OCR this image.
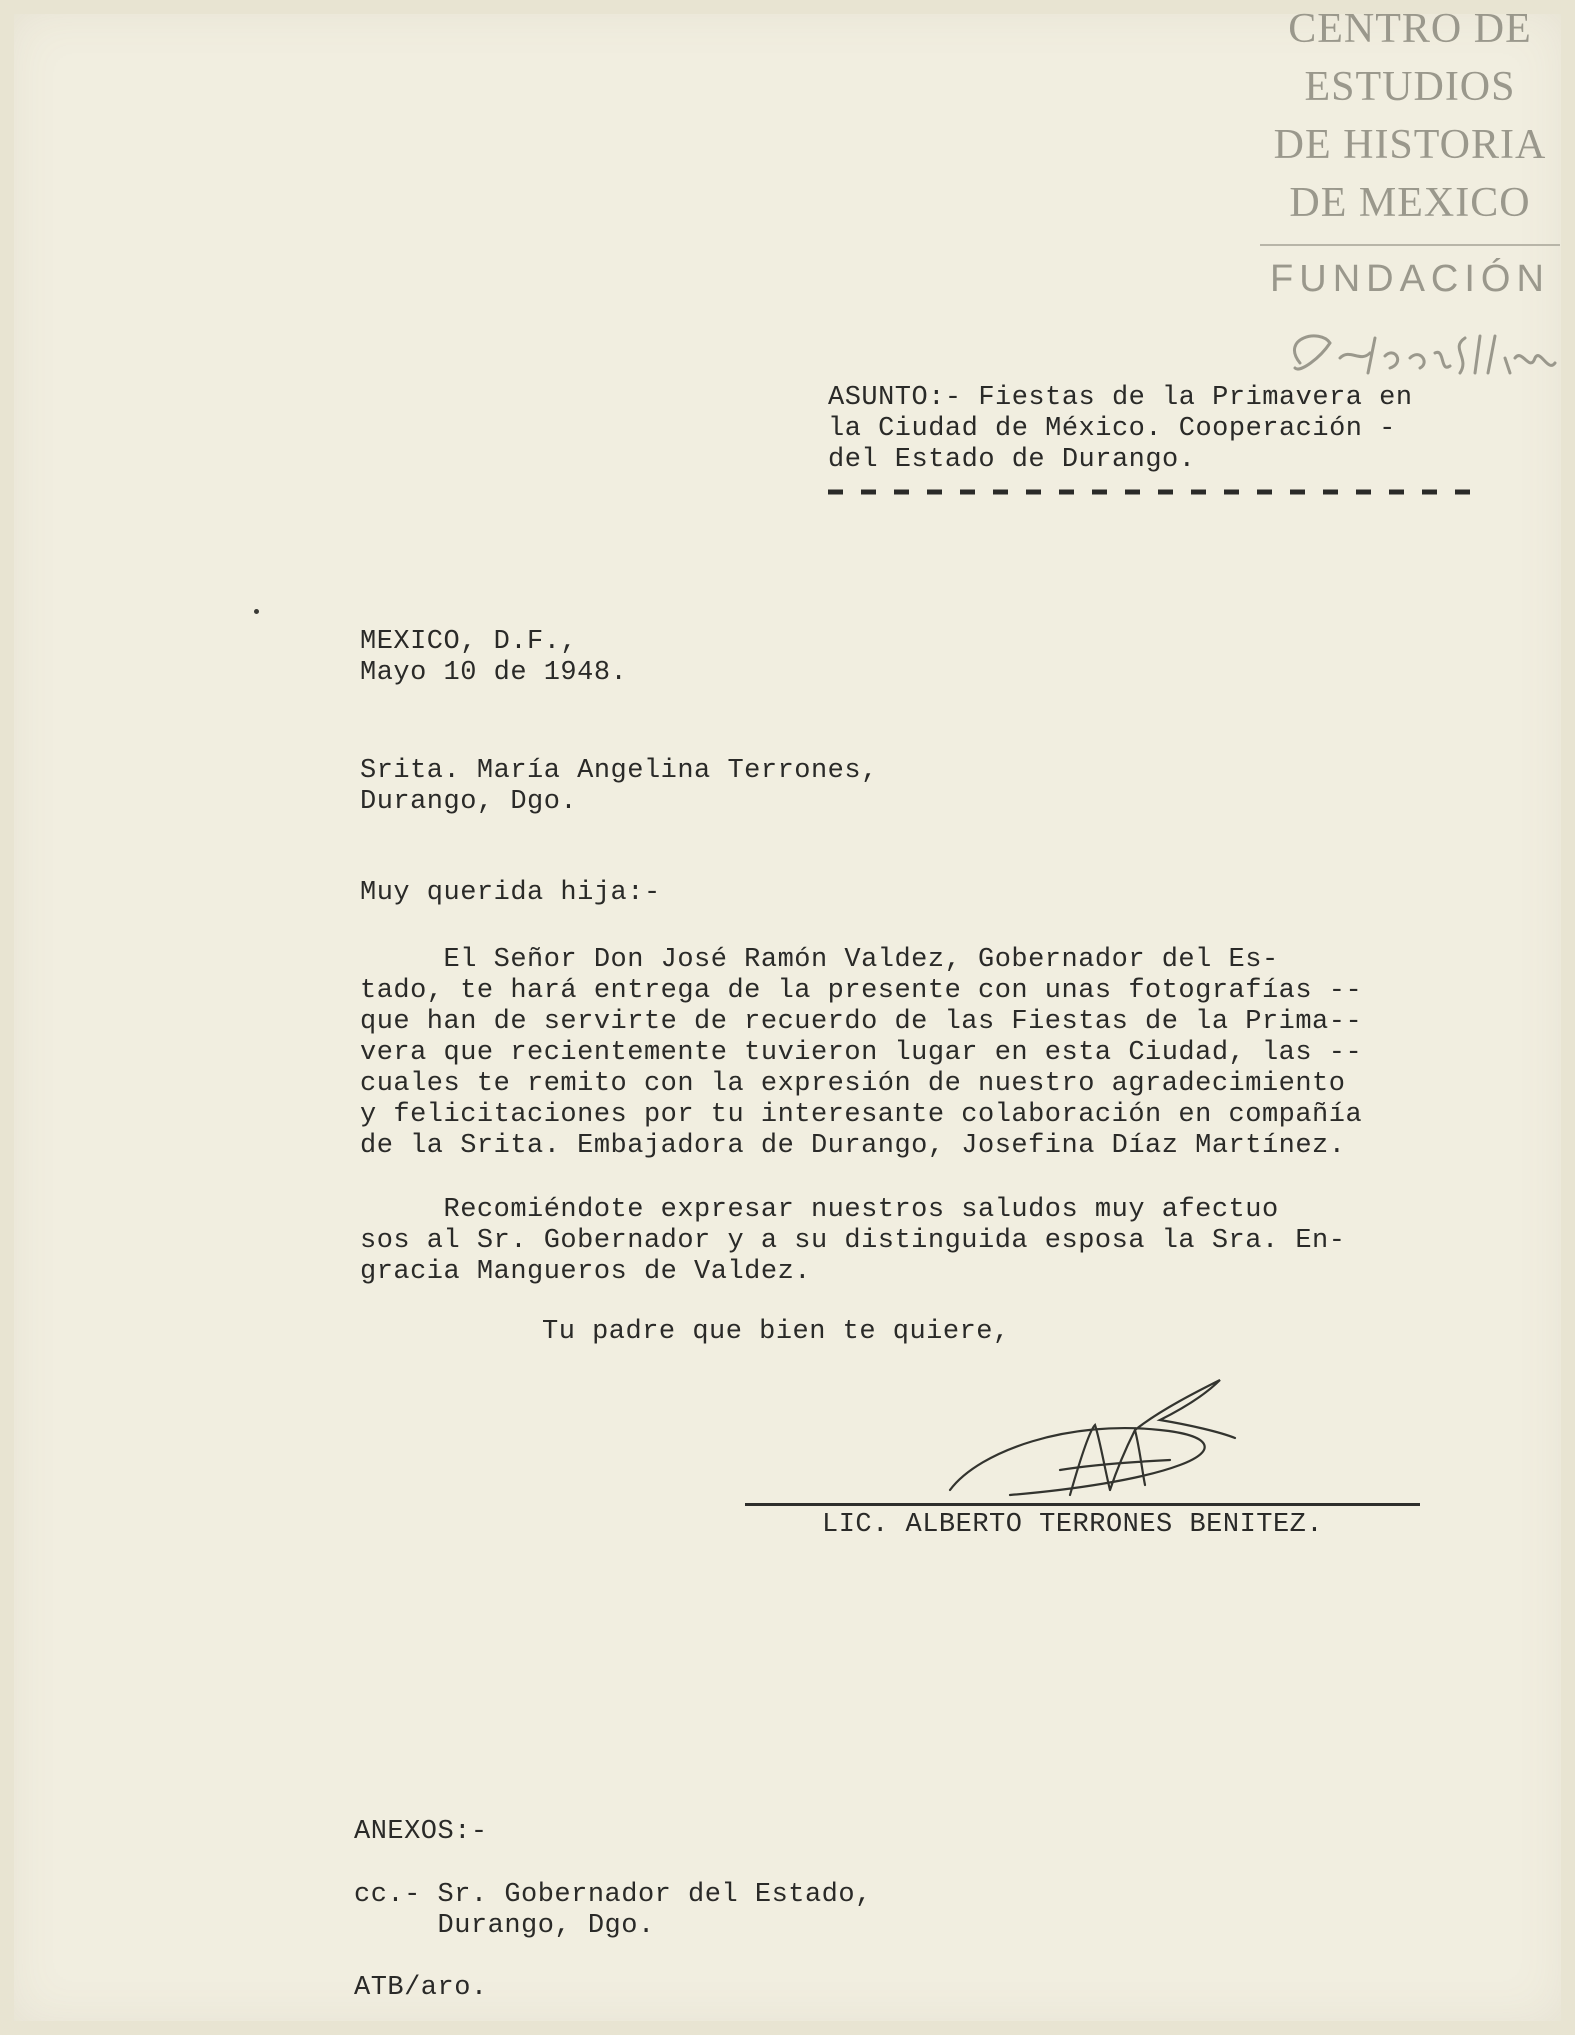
CENTRO DE
ESTUDIOS
DE HISTORIA
DE MEXICO
FUNDACIÓN
ASUNTO:- Fiestas de la Primavera en
la Ciudad de México. Cooperación -
del Estado de Durango.
MEXICO, D.F.,
Mayo 10 de 1948.
Srita. María Angelina Terrones,
Durango, Dgo.
Muy querida hija:-
El Señor Don José Ramón Valdez, Gobernador del Es-
tado, te hará entrega de la presente con unas fotografías --
que han de servirte de recuerdo de las Fiestas de la Prima--
vera que recientemente tuvieron lugar en esta Ciudad, las --
cuales te remito con la expresión de nuestro agradecimiento
y felicitaciones por tu interesante colaboración en compañía
de la Srita. Embajadora de Durango, Josefina Díaz Martínez.
Recomiéndote expresar nuestros saludos muy afectuo
sos al Sr. Gobernador y a su distinguida esposa la Sra. En-
gracia Mangueros de Valdez.
Tu padre que bien te quiere,
LIC. ALBERTO TERRONES BENITEZ.
ANEXOS:-
cc.- Sr. Gobernador del Estado,
Durango, Dgo.
ATB/aro.
